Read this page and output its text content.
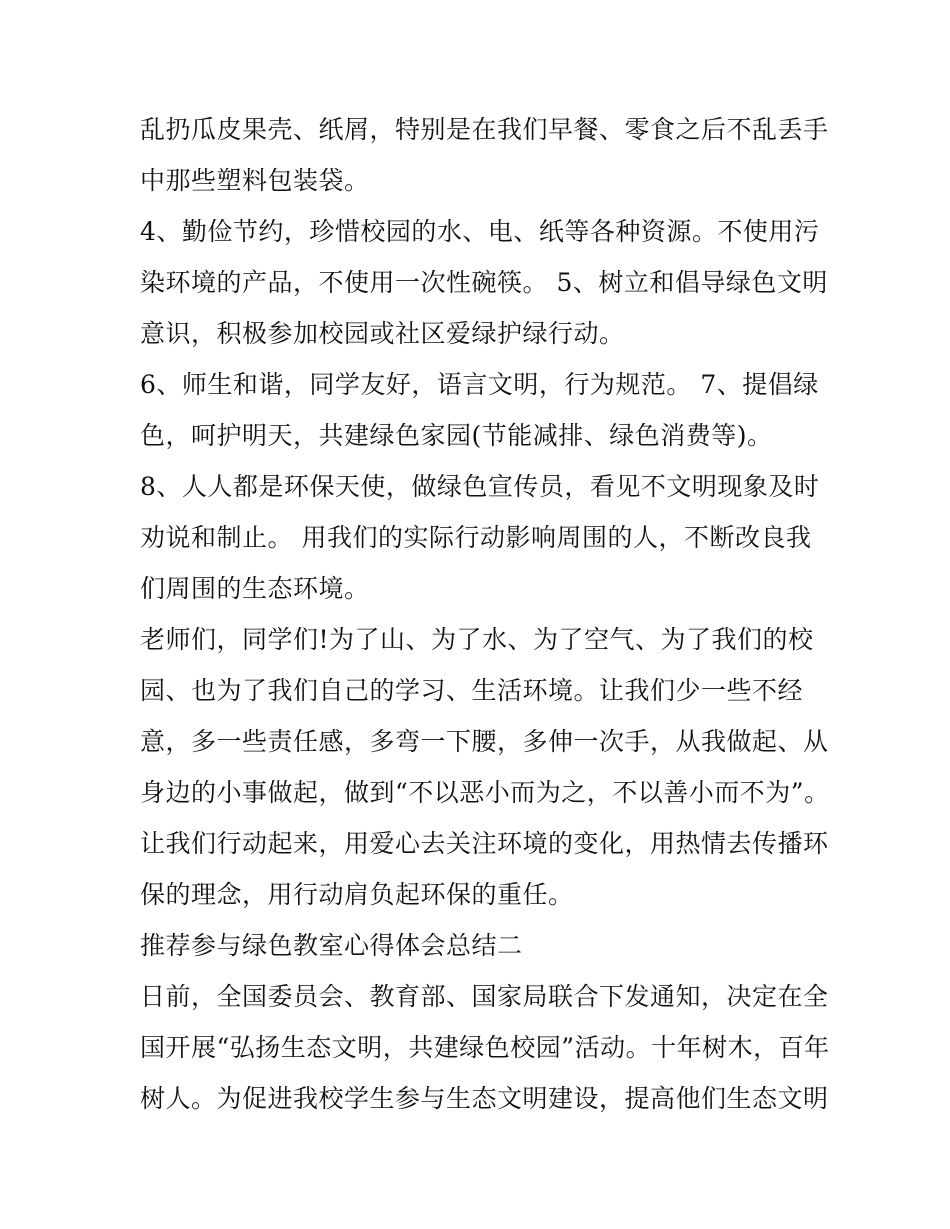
乱扔瓜皮果壳、纸屑，特别是在我们早餐、零食之后不乱丢手
中那些塑料包装袋。
4、勤俭节约，珍惜校园的水、电、纸等各种资源。不使用污
染环境的产品，不使用一次性碗筷。 5、树立和倡导绿色文明
意识，积极参加校园或社区爱绿护绿行动。
6、师生和谐，同学友好，语言文明，行为规范。 7、提倡绿
色，呵护明天，共建绿色家园(节能减排、绿色消费等)。
8、人人都是环保天使，做绿色宣传员，看见不文明现象及时
劝说和制止。 用我们的实际行动影响周围的人，不断改良我
们周围的生态环境。
老师们，同学们!为了山、为了水、为了空气、为了我们的校
园、也为了我们自己的学习、生活环境。让我们少一些不经
意，多一些责任感，多弯一下腰，多伸一次手，从我做起、从
身边的小事做起，做到“不以恶小而为之，不以善小而不为”。
让我们行动起来，用爱心去关注环境的变化，用热情去传播环
保的理念，用行动肩负起环保的重任。
推荐参与绿色教室心得体会总结二
日前，全国委员会、教育部、国家局联合下发通知，决定在全
国开展“弘扬生态文明，共建绿色校园”活动。十年树木，百年
树人。为促进我校学生参与生态文明建设，提高他们生态文明
